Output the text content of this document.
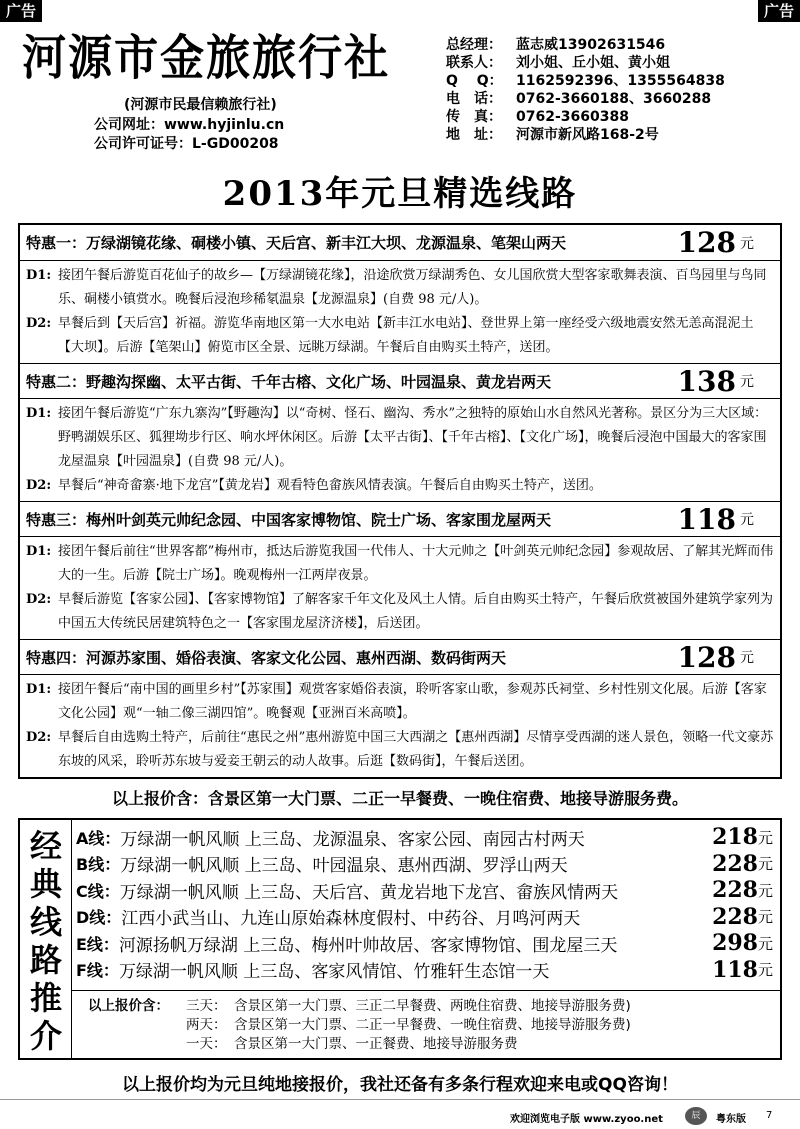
广告	广告
河源市金旅旅行社
(河源市民最信赖旅行社)
公司网址：www.hyjinlu.cn
公司许可证号：L-GD00208
总经理：	蓝志威13902631546
联系人：	刘小姐、丘小姐、黄小姐
Q　 Q： 1162592396、1355564838
电　话：	0762-3660188、3660288
传　真：	0762-3660388
地　址：	河源市新风路168-2号
2013年元旦精选线路
特惠一：万绿湖镜花缘、硐楼小镇、天后宫、新丰江大坝、龙源温泉、笔架山两天	128 元

D1: 接团午餐后游览百花仙子的故乡—【万绿湖镜花缘】，沿途欣赏万绿湖秀色、女儿国欣赏大型客家歌舞表演、百鸟园里与鸟同乐、硐楼小镇赏水。晚餐后浸泡珍稀氡温泉【龙源温泉】(自费 98 元/人)。

D2: 早餐后到【天后宫】祈福。游览华南地区第一大水电站【新丰江水电站】、登世界上第一座经受六级地震安然无恙高混泥土【大坝】。后游【笔架山】俯览市区全景、远眺万绿湖。午餐后自由购买土特产，送团。

特惠二：野趣沟探幽、太平古街、千年古榕、文化广场、叶园温泉、黄龙岩两天	138 元

D1: 接团午餐后游览“广东九寨沟”【野趣沟】以“奇树、怪石、幽沟、秀水”之独特的原始山水自然风光著称。景区分为三大区域：野鸭湖娱乐区、狐狸坳步行区、响水坪休闲区。后游【太平古街】、【千年古榕】、【文化广场】，晚餐后浸泡中国最大的客家围龙屋温泉【叶园温泉】(自费 98 元/人)。

D2: 早餐后“神奇畲寨·地下龙宫”【黄龙岩】观看特色畲族风情表演。午餐后自由购买土特产，送团。

特惠三：梅州叶剑英元帅纪念园、中国客家博物馆、院士广场、客家围龙屋两天	118 元

D1: 接团午餐后前往“世界客都”梅州市，抵达后游览我国一代伟人、十大元帅之【叶剑英元帅纪念园】参观故居、了解其光辉而伟大的一生。后游【院士广场】。晚观梅州一江两岸夜景。

D2: 早餐后游览【客家公园】、【客家博物馆】了解客家千年文化及风土人情。后自由购买土特产，午餐后欣赏被国外建筑学家列为中国五大传统民居建筑特色之一【客家围龙屋济济楼】，后送团。

特惠四：河源苏家围、婚俗表演、客家文化公园、惠州西湖、数码街两天	128 元

D1: 接团午餐后“南中国的画里乡村”【苏家围】观赏客家婚俗表演，聆听客家山歌，参观苏氏祠堂、乡村性别文化展。后游【客家文化公园】观“一轴二像三湖四馆”。晚餐观【亚洲百米高喷】。

D2: 早餐后自由选购土特产，后前往“惠民之州”惠州游览中国三大西湖之【惠州西湖】尽情享受西湖的迷人景色，领略一代文豪苏东坡的风采，聆听苏东坡与爱妾王朝云的动人故事。后逛【数码街】，午餐后送团。

以上报价含：含景区第一大门票、二正一早餐费、一晚住宿费、地接导游服务费。
经
典
线
路
推
介
A线： 万绿湖一帆风顺 上三岛、龙源温泉、客家公园、南园古村两天	218 元
B线： 万绿湖一帆风顺 上三岛、叶园温泉、惠州西湖、罗浮山两天	228 元
C线： 万绿湖一帆风顺 上三岛、天后宫、黄龙岩地下龙宫、畲族风情两天	228 元
D线： 江西小武当山、九连山原始森林度假村、中药谷、月鸣河两天	228 元
E线： 河源扬帆万绿湖 上三岛、梅州叶帅故居、客家博物馆、围龙屋三天	298 元
F线： 万绿湖一帆风顺 上三岛、客家风情馆、竹雅轩生态馆一天	118 元
以上报价含：	三天： 含景区第一大门票、三正二早餐费、两晚住宿费、地接导游服务费)
两天： 含景区第一大门票、二正一早餐费、一晚住宿费、地接导游服务费)
一天： 含景区第一大门票、一正餐费、地接导游服务费
以上报价均为元旦纯地接报价，我社还备有多条行程欢迎来电或QQ咨询！
欢迎浏览电子版 www.zyoo.net	辰	粤东版 7
